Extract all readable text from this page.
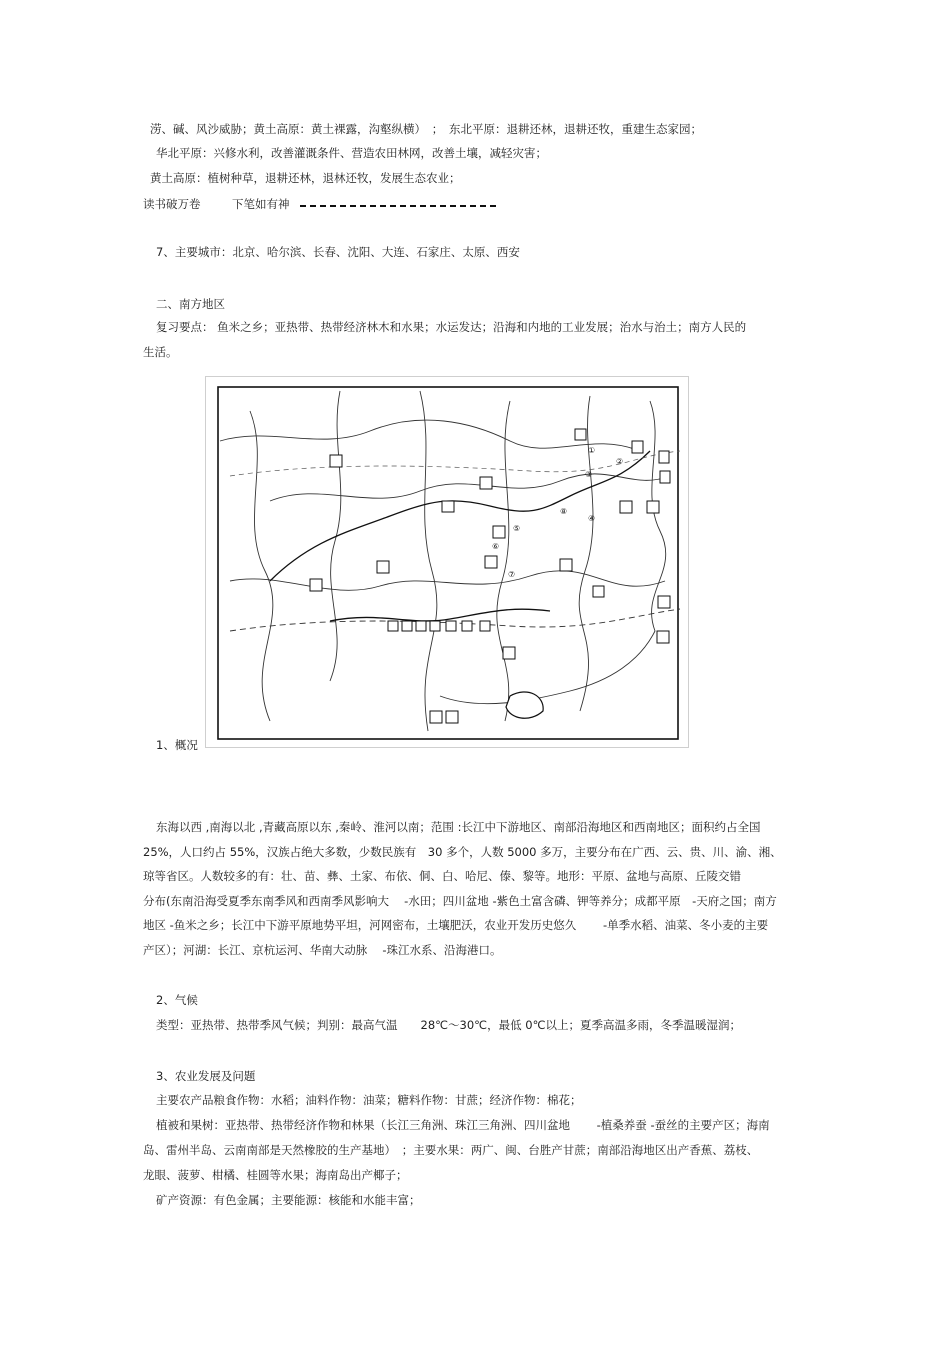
涝、碱、风沙威胁；黄土高原：黄土裸露，沟壑纵横）　；　东北平原：退耕还林，退耕还牧，重建生态家园；
华北平原：兴修水利，改善灌溉条件、营造农田林网，改善土壤，减轻灾害；
黄土高原：植树种草，退耕还林，退林还牧，发展生态农业；
读书破万卷	下笔如有神
7、主要城市：北京、哈尔滨、长春、沈阳、大连、石家庄、太原、西安
二、南方地区
复习要点： 鱼米之乡；亚热带、热带经济林木和水果；水运发达；沿海和内地的工业发展；治水与治土；南方人民的
生活。
①
②
③
④
⑤
⑥
⑦
⑧
1、概况
东海以西 ,南海以北 ,青藏高原以东 ,秦岭、淮河以南；范围 :长江中下游地区、南部沿海地区和西南地区；面积约占全国
25%，人口约占 55%，汉族占绝大多数，少数民族有　30 多个，人数 5000 多万，主要分布在广西、云、贵、川、渝、湘、
琼等省区。人数较多的有：壮、苗、彝、土家、布依、侗、白、哈尼、傣、黎等。地形：平原、盆地与高原、丘陵交错
分布(东南沿海受夏季东南季风和西南季风影响大　 -水田；四川盆地 -紫色土富含磷、钾等养分；成都平原　-天府之国；南方
地区 -鱼米之乡；长江中下游平原地势平坦，河网密布，土壤肥沃，农业开发历史悠久　　 -单季水稻、油菜、冬小麦的主要
产区）；河湖：长江、京杭运河、华南大动脉　 -珠江水系、沿海港口。
2、气候
类型：亚热带、热带季风气候；判别：最高气温　　28℃～30℃，最低 0℃以上；夏季高温多雨，冬季温暖湿润；
3、农业发展及问题
主要农产品粮食作物：水稻；油料作物：油菜；糖料作物：甘蔗；经济作物：棉花；
植被和果树：亚热带、热带经济作物和林果（长江三角洲、珠江三角洲、四川盆地　　 -植桑养蚕 -蚕丝的主要产区；海南
岛、雷州半岛、云南南部是天然橡胶的生产基地）　；主要水果：两广、闽、台胜产甘蔗；南部沿海地区出产香蕉、荔枝、
龙眼、菠萝、柑橘、桂圆等水果；海南岛出产椰子；
矿产资源：有色金属；主要能源：核能和水能丰富；
